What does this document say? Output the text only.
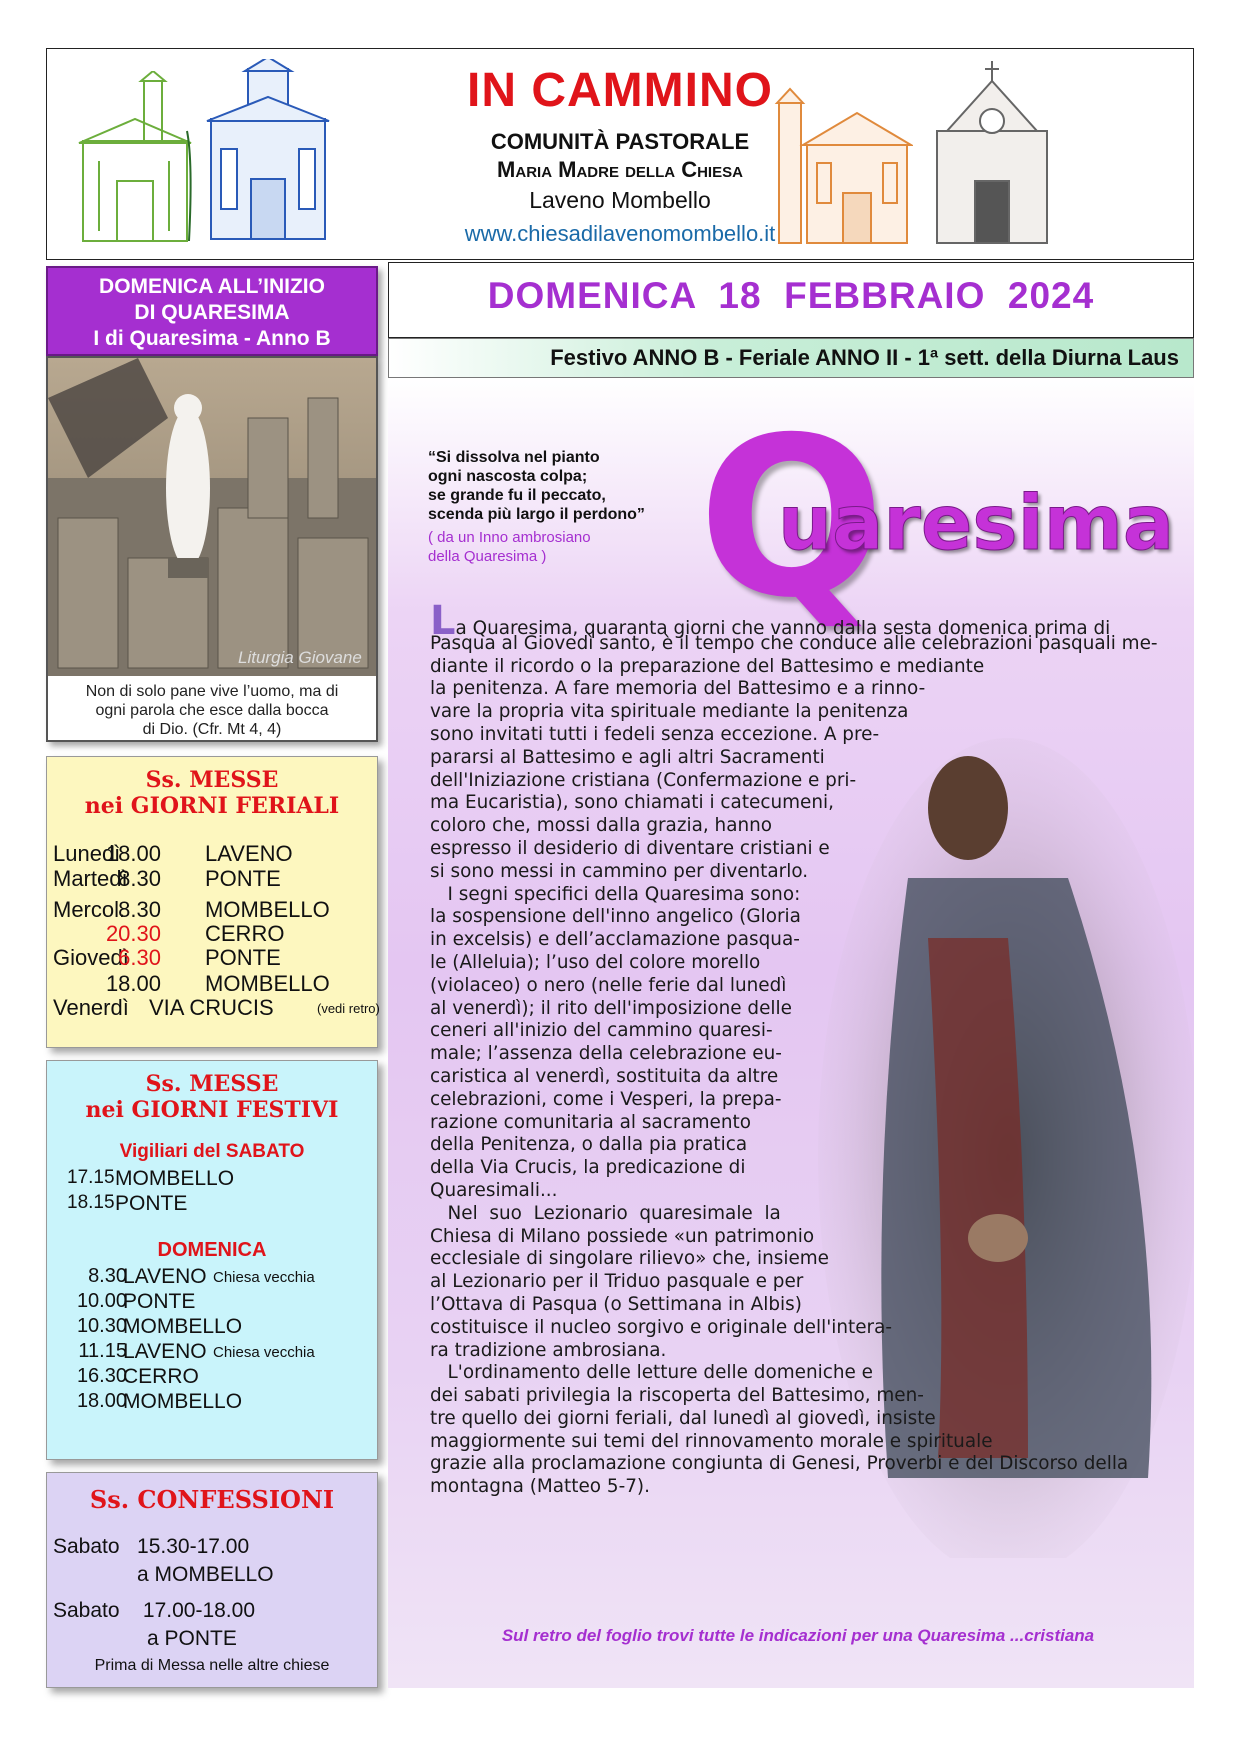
IN CAMMINO
COMUNITÀ PASTORALE
Maria Madre della Chiesa
Laveno Mombello
www.chiesadilavenomombello.it
DOMENICA ALL’INIZIO
DI QUARESIMA
I di Quaresima - Anno B
Liturgia Giovane
Non di solo pane vive l’uomo, ma di
ogni parola che esce dalla bocca
di Dio. (Cfr. Mt 4, 4)
Ss. MESSE
nei GIORNI FERIALI
Lunedì
18.00 LAVENO
Martedì
8.30 PONTE
Mercol.
8.30 MOMBELLO
20.30 CERRO
Giovedì
6.30 PONTE
18.00 MOMBELLO
Venerdì VIA CRUCIS	(vedi retro)
Ss. MESSE
nei GIORNI FESTIVI
Vigiliari del SABATO
17.15 MOMBELLO
18.15 PONTE
DOMENICA
8.30
LAVENO Chiesa vecchia
10.00
PONTE
10.30
MOMBELLO
11.15
LAVENO Chiesa vecchia
16.30
CERRO
18.00
MOMBELLO
Ss. CONFESSIONI
Sabato   15.30-17.00
a MOMBELLO
Sabato    17.00-18.00
a PONTE
Prima di Messa nelle altre chiese
DOMENICA  18  FEBBRAIO  2024
Festivo ANNO B - Feriale ANNO II - 1ª sett. della Diurna Laus
“Si dissolva nel pianto
ogni nascosta colpa;
se grande fu il peccato,
scenda più largo il perdono”
( da un Inno ambrosiano
della Quaresima ) Q
uaresima
La Quaresima, quaranta giorni che vanno dalla sesta domenica prima di
Pasqua al Giovedì santo, è il tempo che conduce alle celebrazioni pasquali me-
diante il ricordo o la preparazione del Battesimo e mediante
la penitenza. A fare memoria del Battesimo e a rinno-
vare la propria vita spirituale mediante la penitenza
sono invitati tutti i fedeli senza eccezione. A pre-
pararsi al Battesimo e agli altri Sacramenti
dell'Iniziazione cristiana (Confermazione e pri-
ma Eucaristia), sono chiamati i catecumeni,
coloro che, mossi dalla grazia, hanno
espresso il desiderio di diventare cristiani e
si sono messi in cammino per diventarlo.
I segni specifici della Quaresima sono:
la sospensione dell'inno angelico (Gloria
in excelsis) e dell’acclamazione pasqua-
le (Alleluia); l’uso del colore morello
(violaceo) o nero (nelle ferie dal lunedì
al venerdì); il rito dell'imposizione delle
ceneri all'inizio del cammino quaresi-
male; l’assenza della celebrazione eu-
caristica al venerdì, sostituita da altre
celebrazioni, come i Vesperi, la prepa-
razione comunitaria al sacramento
della Penitenza, o dalla pia pratica
della Via Crucis, la predicazione di
Quaresimali...
Nel  suo  Lezionario  quaresimale  la
Chiesa di Milano possiede «un patrimonio
ecclesiale di singolare rilievo» che, insieme
al Lezionario per il Triduo pasquale e per
l’Ottava di Pasqua (o Settimana in Albis)
costituisce il nucleo sorgivo e originale dell'intera-
ra tradizione ambrosiana.
L'ordinamento delle letture delle domeniche e
dei sabati privilegia la riscoperta del Battesimo, men-
tre quello dei giorni feriali, dal lunedì al giovedì, insiste
maggiormente sui temi del rinnovamento morale e spirituale
grazie alla proclamazione congiunta di Genesi, Proverbi e del Discorso della
montagna (Matteo 5-7).
Sul retro del foglio trovi tutte le indicazioni per una Quaresima ...cristiana
